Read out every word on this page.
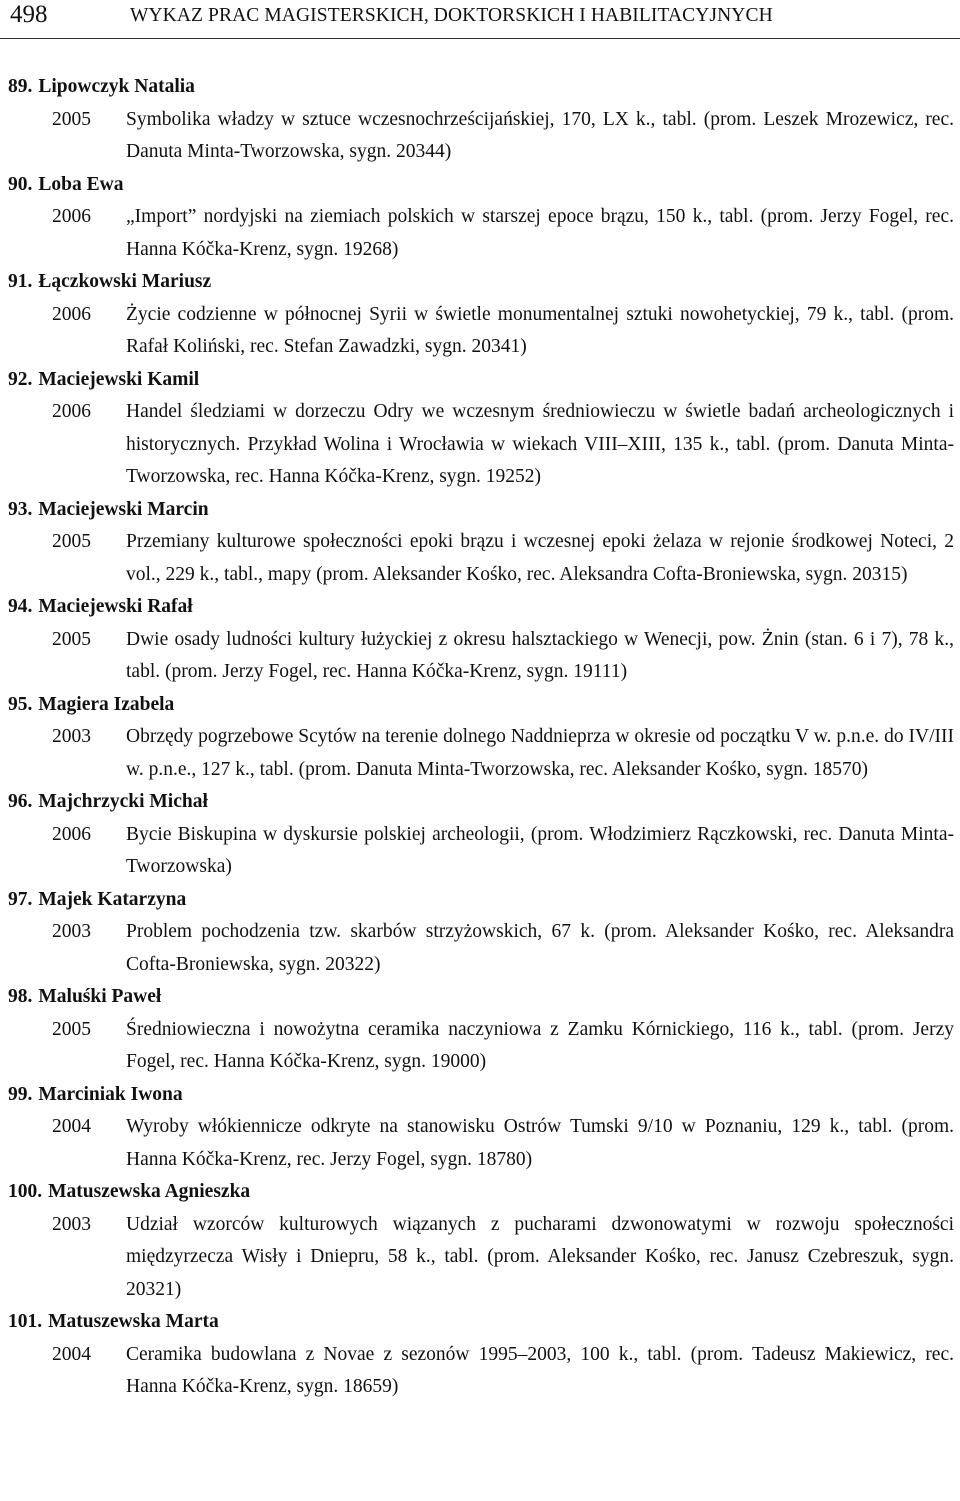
498	WYKAZ PRAC MAGISTERSKICH, DOKTORSKICH I HABILITACYJNYCH
89. Lipowczyk Natalia
2005 Symbolika władzy w sztuce wczesnochrześcijańskiej, 170, LX k., tabl. (prom. Leszek Mrozewicz, rec. Danuta Minta-Tworzowska, sygn. 20344)
90. Loba Ewa
2006 „Import” nordyjski na ziemiach polskich w starszej epoce brązu, 150 k., tabl. (prom. Jerzy Fogel, rec. Hanna Kóčka-Krenz, sygn. 19268)
91. Łączkowski Mariusz
2006 Życie codzienne w północnej Syrii w świetle monumentalnej sztuki nowohetyckiej, 79 k., tabl. (prom. Rafał Koliński, rec. Stefan Zawadzki, sygn. 20341)
92. Maciejewski Kamil
2006 Handel śledziami w dorzeczu Odry we wczesnym średniowieczu w świetle badań archeologicznych i historycznych. Przykład Wolina i Wrocławia w wiekach VIII–XIII, 135 k., tabl. (prom. Danuta Minta-Tworzowska, rec. Hanna Kóčka-Krenz, sygn. 19252)
93. Maciejewski Marcin
2005 Przemiany kulturowe społeczności epoki brązu i wczesnej epoki żelaza w rejonie środkowej Noteci, 2 vol., 229 k., tabl., mapy (prom. Aleksander Kośko, rec. Aleksandra Cofta-Broniewska, sygn. 20315)
94. Maciejewski Rafał
2005 Dwie osady ludności kultury łużyckiej z okresu halsztackiego w Wenecji, pow. Żnin (stan. 6 i 7), 78 k., tabl. (prom. Jerzy Fogel, rec. Hanna Kóčka-Krenz, sygn. 19111)
95. Magiera Izabela
2003 Obrzędy pogrzebowe Scytów na terenie dolnego Naddnieprza w okresie od początku V w. p.n.e. do IV/III w. p.n.e., 127 k., tabl. (prom. Danuta Minta-Tworzowska, rec. Aleksander Kośko, sygn. 18570)
96. Majchrzycki Michał
2006 Bycie Biskupina w dyskursie polskiej archeologii, (prom. Włodzimierz Rączkowski, rec. Danuta Minta-Tworzowska)
97. Majek Katarzyna
2003 Problem pochodzenia tzw. skarbów strzyżowskich, 67 k. (prom. Aleksander Kośko, rec. Aleksandra Cofta-Broniewska, sygn. 20322)
98. Maluśki Paweł
2005 Średniowieczna i nowożytna ceramika naczyniowa z Zamku Kórnickiego, 116 k., tabl. (prom. Jerzy Fogel, rec. Hanna Kóčka-Krenz, sygn. 19000)
99. Marciniak Iwona
2004 Wyroby włókiennicze odkryte na stanowisku Ostrów Tumski 9/10 w Poznaniu, 129 k., tabl. (prom. Hanna Kóčka-Krenz, rec. Jerzy Fogel, sygn. 18780)
100. Matuszewska Agnieszka
2003 Udział wzorców kulturowych wiązanych z pucharami dzwonowatymi w rozwoju społeczności międzyrzecza Wisły i Dniepru, 58 k., tabl. (prom. Aleksander Kośko, rec. Janusz Czebreszuk, sygn. 20321)
101. Matuszewska Marta
2004 Ceramika budowlana z Novae z sezonów 1995–2003, 100 k., tabl. (prom. Tadeusz Makiewicz, rec. Hanna Kóčka-Krenz, sygn. 18659)
